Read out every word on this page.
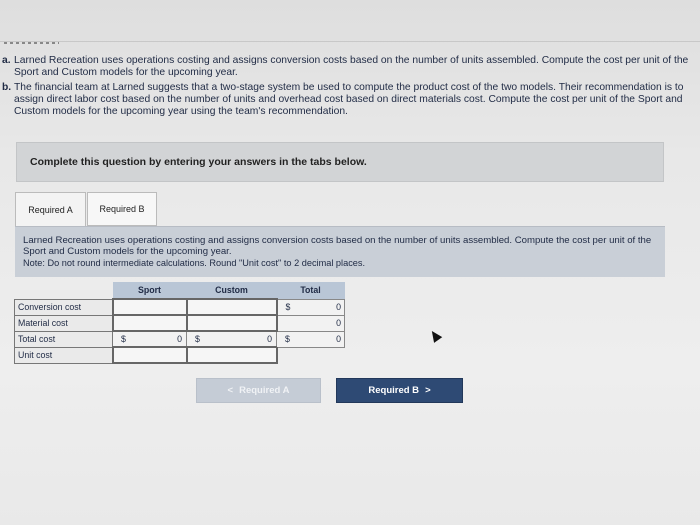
a. Larned Recreation uses operations costing and assigns conversion costs based on the number of units assembled. Compute the cost per unit of the Sport and Custom models for the upcoming year.
b. The financial team at Larned suggests that a two-stage system be used to compute the product cost of the two models. Their recommendation is to assign direct labor cost based on the number of units and overhead cost based on direct materials cost. Compute the cost per unit of the Sport and Custom models for the upcoming year using the team's recommendation.
Complete this question by entering your answers in the tabs below.
Required A	Required B
Larned Recreation uses operations costing and assigns conversion costs based on the number of units assembled. Compute the cost per unit of the Sport and Custom models for the upcoming year.
Note: Do not round intermediate calculations. Round "Unit cost" to 2 decimal places.
	Sport	Custom	Total
Conversion cost			$ 0

Material cost			0

Total cost	$ 0	$ 0	$ 0

Unit cost	

< Required A	Required B >
